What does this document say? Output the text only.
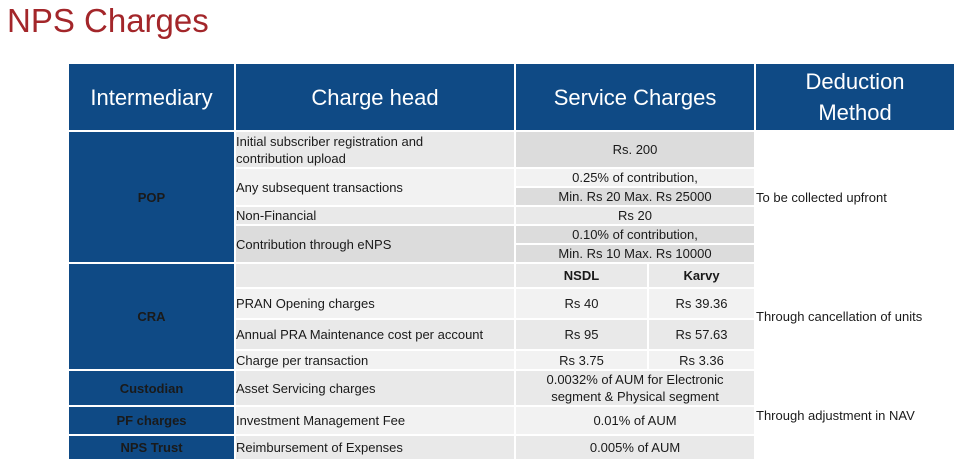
NPS Charges
Intermediary	Charge head	Service Charges		Deduction
Method

POP	Initial subscriber registration and
contribution upload	Rs. 200		To be collected upfront
	Any subsequent transactions	0.25% of contribution,
Min. Rs 20 Max. Rs 25000		

	Non-Financial	Rs 20		
	Contribution through eNPS	0.10% of contribution,
Min. Rs 10 Max. Rs 10000		

CRA		NSDL	Karvy	Through cancellation of units
	PRAN Opening charges	Rs 40	Rs 39.36	
	Annual PRA Maintenance cost per account	Rs 95	Rs 57.63	
	Charge per transaction	Rs 3.75	Rs 3.36	
Custodian	Asset Servicing charges	0.0032% of AUM for Electronic
segment & Physical segment		Through adjustment in NAV
PF charges	Investment Management Fee	0.01% of AUM		
NPS Trust	Reimbursement of Expenses	0.005% of AUM		
